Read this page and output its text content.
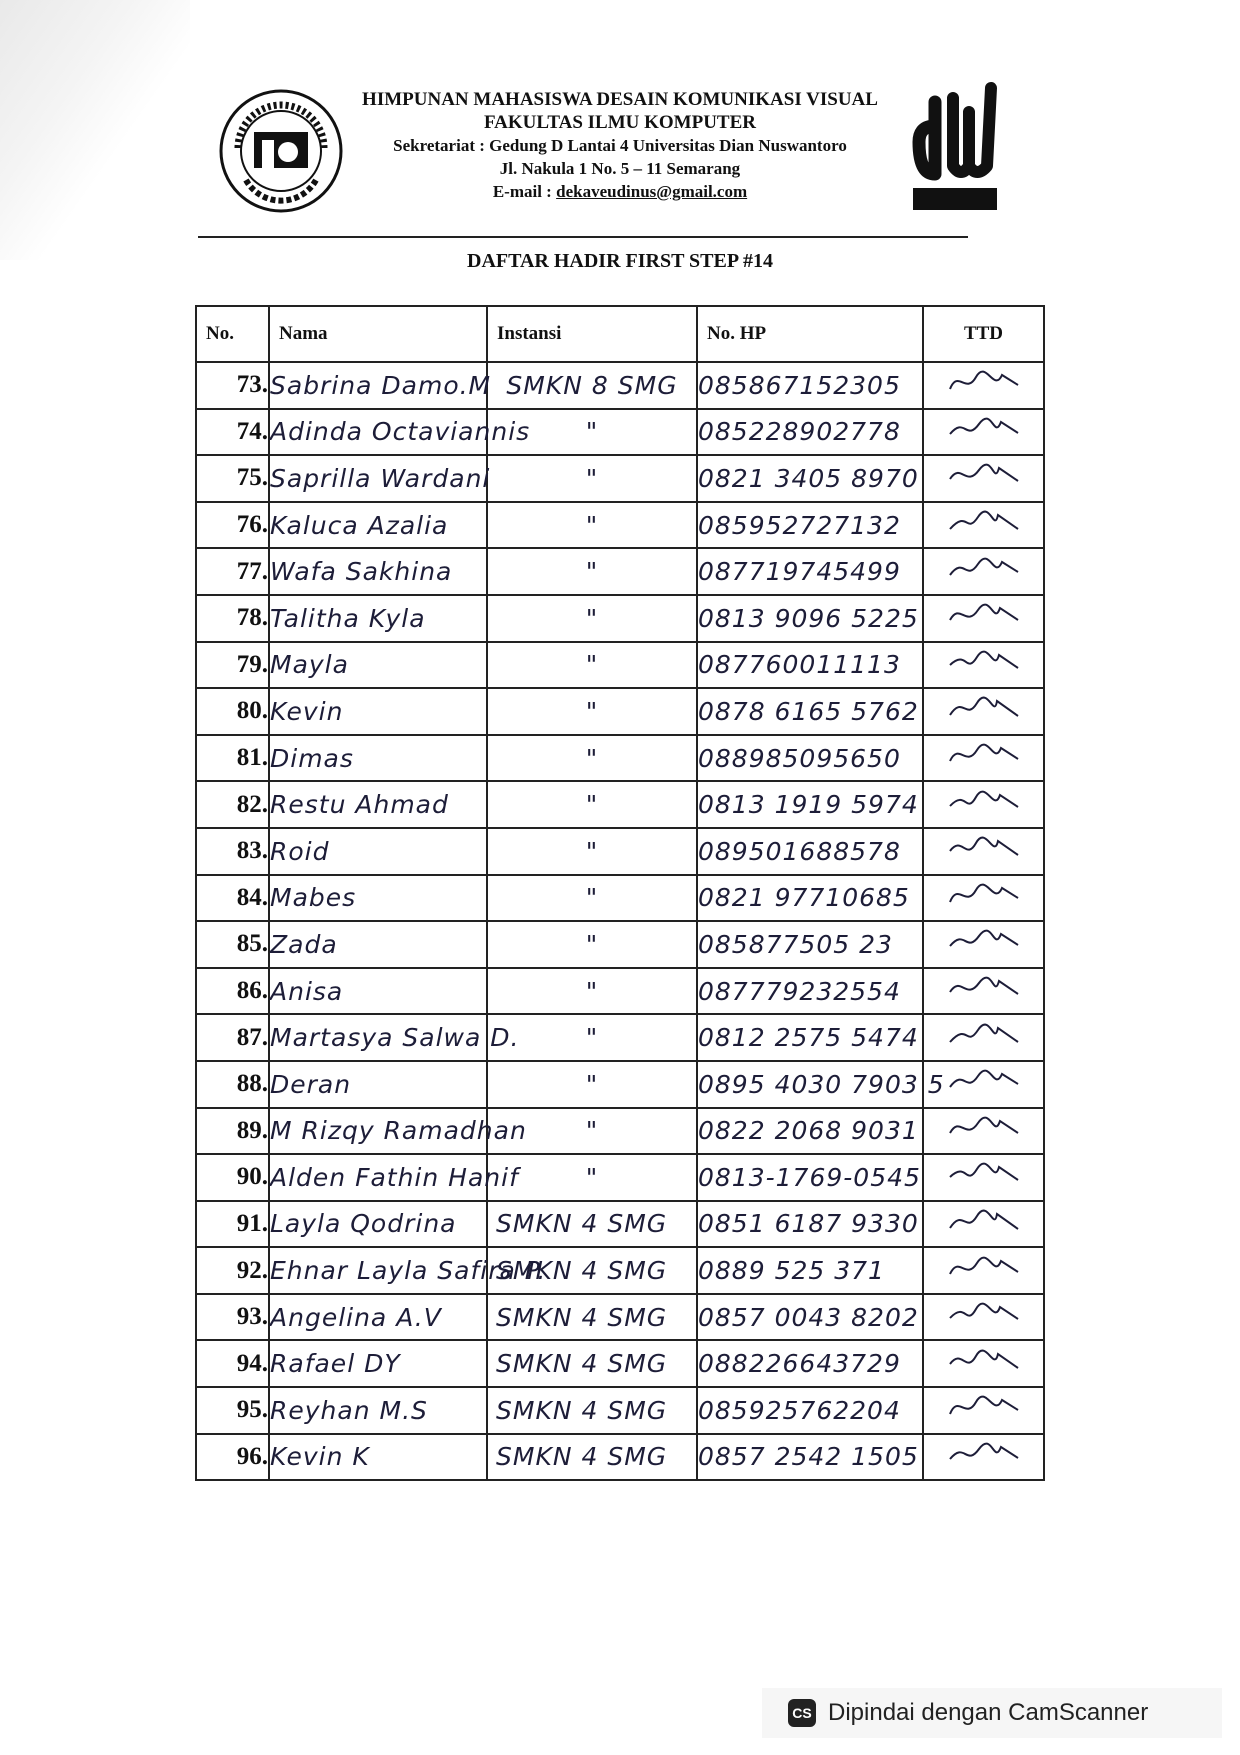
HIMPUNAN MAHASISWA DESAIN KOMUNIKASI VISUAL
FAKULTAS ILMU KOMPUTER
Sekretariat : Gedung D Lantai 4 Universitas Dian Nuswantoro
Jl. Nakula 1 No. 5 – 11 Semarang
E-mail : dekaveudinus@gmail.com
DAFTAR HADIR FIRST STEP #14
No.	Nama	Instansi	No. HP	TTD
73.	Sabrina Damo.M	SMKN 8 SMG	085867152305	
74.	Adinda Octaviannis	"	085228902778	
75.	Saprilla Wardani	"	0821 3405 8970	
76.	Kaluca Azalia	"	085952727132	
77.	Wafa Sakhina	"	087719745499	
78.	Talitha Kyla	"	0813 9096 5225	
79.	Mayla	"	087760011113	
80.	Kevin	"	0878 6165 5762	
81.	Dimas	"	088985095650	
82.	Restu Ahmad	"	0813 1919 5974	
83.	Roid	"	089501688578	
84.	Mabes	"	0821 97710685	
85.	Zada	"	085877505 23	
86.	Anisa	"	087779232554	
87.	Martasya Salwa D.	"	0812 2575 5474	
88.	Deran	"	0895 4030 7903 5	
89.	M Rizqy Ramadhan	"	0822 2068 9031	
90.	Alden Fathin Hanif	"	0813-1769-0545	
91.	Layla Qodrina	SMKN 4 SMG	0851 6187 9330	
92.	Ehnar Layla Safira P.	SMKN 4 SMG	0889 525 371	
93.	Angelina A.V	SMKN 4 SMG	0857 0043 8202	
94.	Rafael DY	SMKN 4 SMG	088226643729	
95.	Reyhan M.S	SMKN 4 SMG	085925762204	
96.	Kevin K	SMKN 4 SMG	0857 2542 1505	
CS Dipindai dengan CamScanner
